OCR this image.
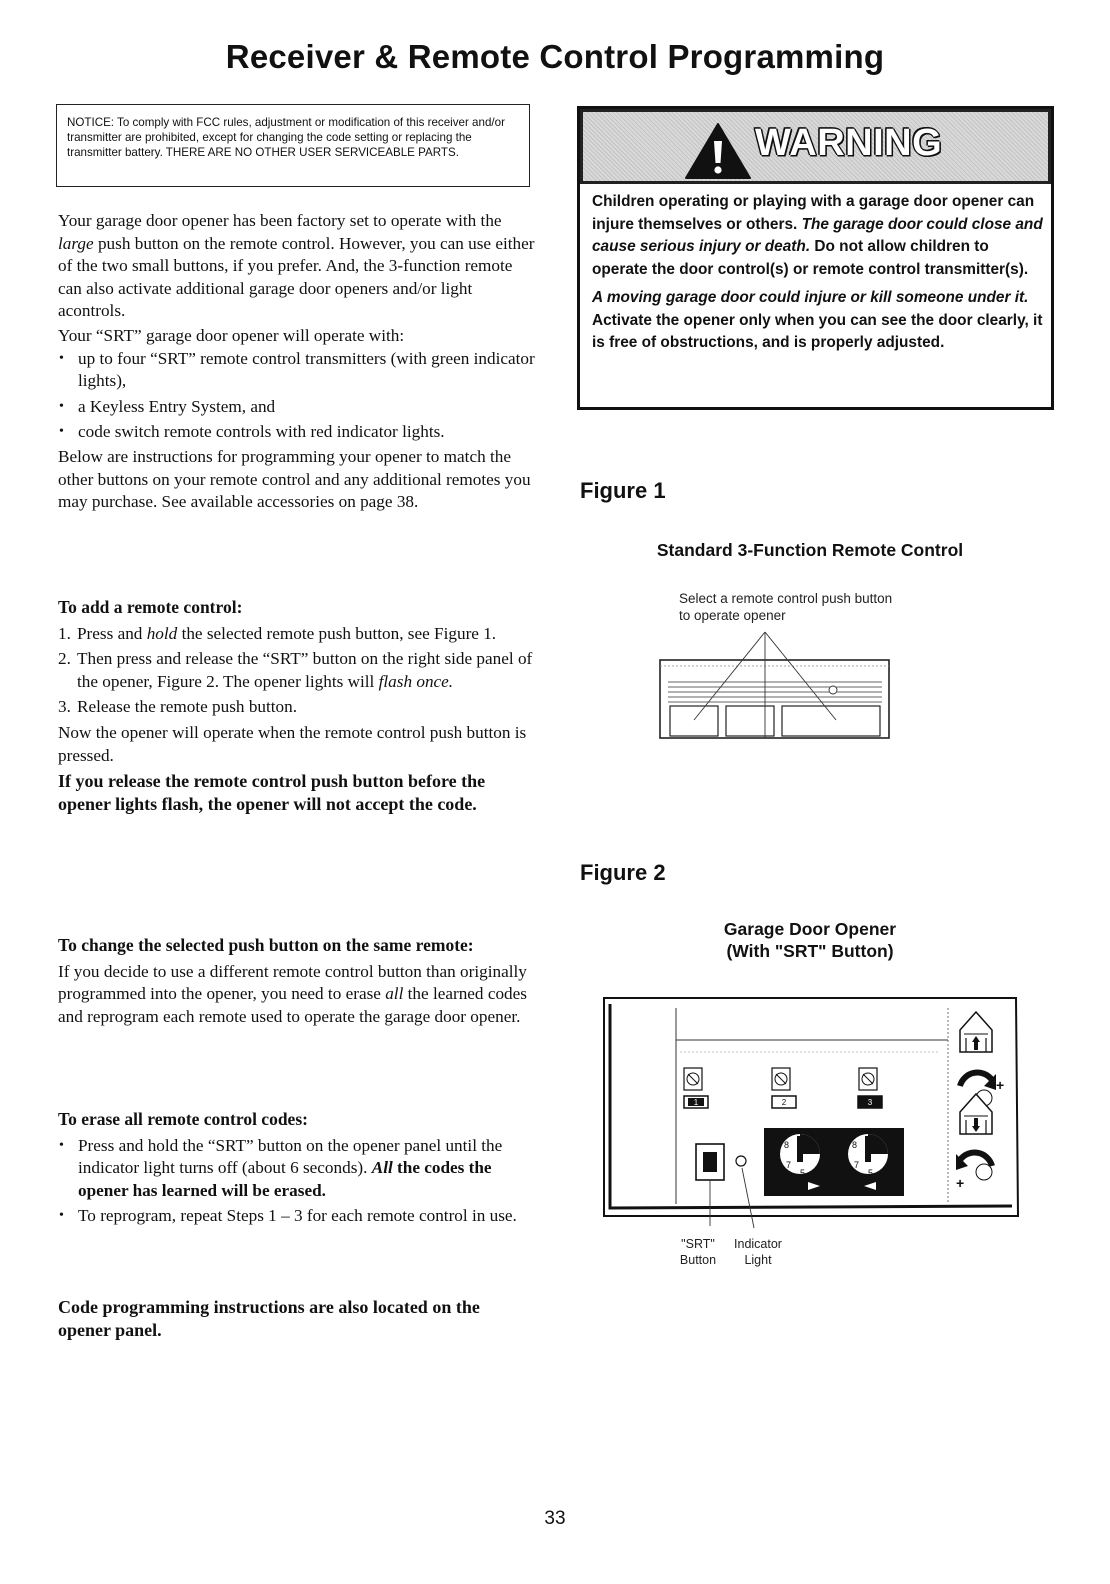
Receiver & Remote Control Programming
NOTICE: To comply with FCC rules, adjustment or modification of this receiver and/or transmitter are prohibited, except for changing the code setting or replacing the transmitter battery. THERE ARE NO OTHER USER SERVICEABLE PARTS.

Your garage door opener has been factory set to operate with the large push button on the remote control. However, you can use either of the two small buttons, if you prefer. And, the 3-function remote can also activate additional garage door openers and/or light acontrols.

Your “SRT” garage door opener will operate with:

• up to four “SRT” remote control transmitters (with green indicator lights),

• a Keyless Entry System, and

• code switch remote controls with red indicator lights.

Below are instructions for programming your opener to match the other buttons on your remote control and any additional remotes you may purchase. See available accessories on page 38.

To add a remote control:

1. Press and hold the selected remote push button, see Figure 1.

2. Then press and release the “SRT” button on the right side panel of the opener, Figure 2. The opener lights will flash once.

3. Release the remote push button.

Now the opener will operate when the remote control push button is pressed.

If you release the remote control push button before the opener lights flash, the opener will not accept the code.

To change the selected push button on the same remote:

If you decide to use a different remote control button than originally programmed into the opener, you need to erase all the learned codes and reprogram each remote used to operate the garage door opener.

To erase all remote control codes:

• Press and hold the “SRT” button on the opener panel until the indicator light turns off (about 6 seconds). All the codes the opener has learned will be erased.

• To reprogram, repeat Steps 1 – 3 for each remote control in use.

Code programming instructions are also located on the opener panel.
WARNING

Children operating or playing with a garage door opener can injure themselves or others. The garage door could close and cause serious injury or death. Do not allow children to operate the door control(s) or remote control transmitter(s).

A moving garage door could injure or kill someone under it. Activate the opener only when you can see the door clearly, it is free of obstructions, and is properly adjusted.

Figure 1
Standard 3-Function Remote Control
Select a remote control push button to operate opener
Figure 2
Garage Door Opener
(With "SRT" Button)
1	2	3
8
7
5
8
7
5
+
+
"SRT"
Button
Indicator
Light
33
